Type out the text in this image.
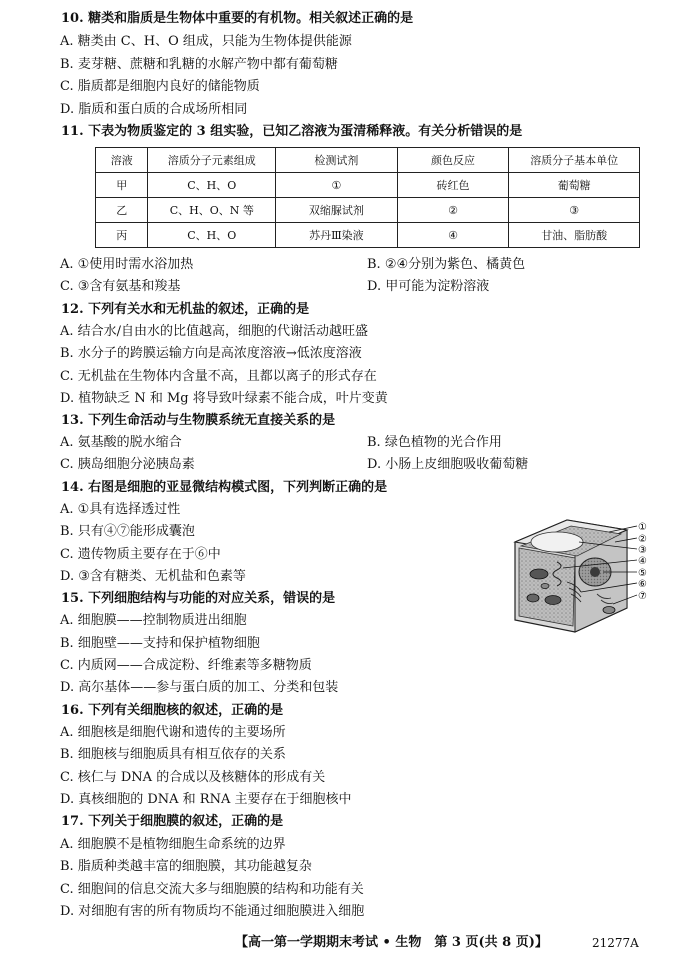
10. 糖类和脂质是生物体中重要的有机物。相关叙述正确的是
A. 糖类由 C、H、O 组成，只能为生物体提供能源
B. 麦芽糖、蔗糖和乳糖的水解产物中都有葡萄糖
C. 脂质都是细胞内良好的储能物质
D. 脂质和蛋白质的合成场所相同
11. 下表为物质鉴定的 3 组实验，已知乙溶液为蛋清稀释液。有关分析错误的是
溶液	溶质分子元素组成	检测试剂	颜色反应	溶质分子基本单位
甲	C、H、O	①	砖红色	葡萄糖
乙	C、H、O、N 等	双缩脲试剂	②	③
丙	C、H、O	苏丹Ⅲ染液	④	甘油、脂肪酸
A. ①使用时需水浴加热	B. ②④分别为紫色、橘黄色
C. ③含有氨基和羧基	D. 甲可能为淀粉溶液
12. 下列有关水和无机盐的叙述，正确的是
A. 结合水/自由水的比值越高，细胞的代谢活动越旺盛
B. 水分子的跨膜运输方向是高浓度溶液→低浓度溶液
C. 无机盐在生物体内含量不高，且都以离子的形式存在
D. 植物缺乏 N 和 Mg 将导致叶绿素不能合成，叶片变黄
13. 下列生命活动与生物膜系统无直接关系的是
A. 氨基酸的脱水缩合	B. 绿色植物的光合作用
C. 胰岛细胞分泌胰岛素	D. 小肠上皮细胞吸收葡萄糖
14. 右图是细胞的亚显微结构模式图，下列判断正确的是
A. ①具有选择透过性
B. 只有④⑦能形成囊泡
C. 遗传物质主要存在于⑥中
D. ③含有糖类、无机盐和色素等
①
②
③
④
⑤
⑥
⑦
15. 下列细胞结构与功能的对应关系，错误的是
A. 细胞膜——控制物质进出细胞
B. 细胞壁——支持和保护植物细胞
C. 内质网——合成淀粉、纤维素等多糖物质
D. 高尔基体——参与蛋白质的加工、分类和包装
16. 下列有关细胞核的叙述，正确的是
A. 细胞核是细胞代谢和遗传的主要场所
B. 细胞核与细胞质具有相互依存的关系
C. 核仁与 DNA 的合成以及核糖体的形成有关
D. 真核细胞的 DNA 和 RNA 主要存在于细胞核中
17. 下列关于细胞膜的叙述，正确的是
A. 细胞膜不是植物细胞生命系统的边界
B. 脂质种类越丰富的细胞膜，其功能越复杂
C. 细胞间的信息交流大多与细胞膜的结构和功能有关
D. 对细胞有害的所有物质均不能通过细胞膜进入细胞
【高一第一学期期末考试 • 生物　第 3 页(共 8 页)】	21277A
